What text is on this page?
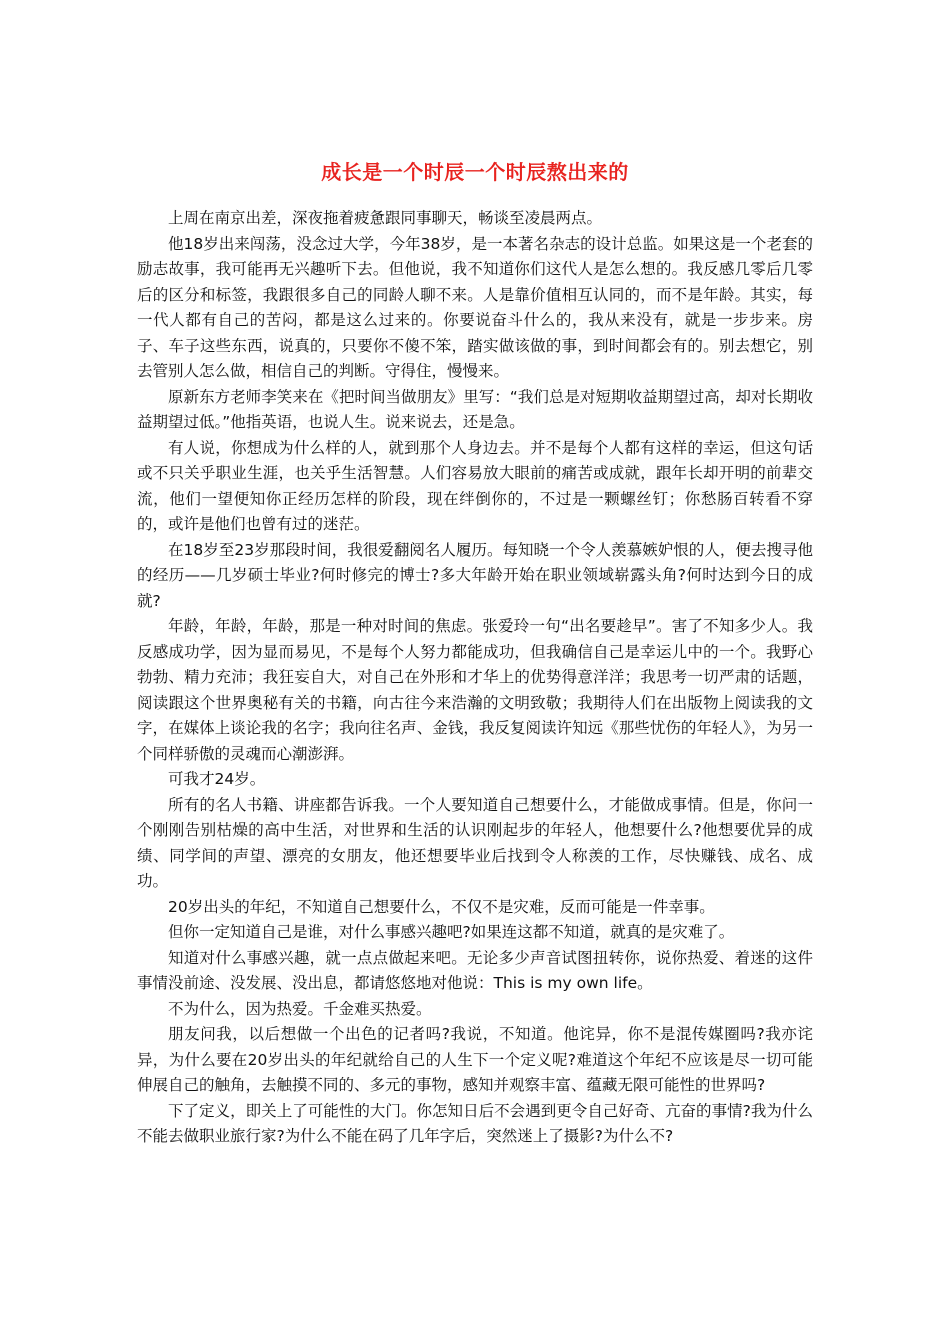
成长是一个时辰一个时辰熬出来的

上周在南京出差，深夜拖着疲惫跟同事聊天，畅谈至凌晨两点。

他18岁出来闯荡，没念过大学，今年38岁，是一本著名杂志的设计总监。如果这是一个老套的励志故事，我可能再无兴趣听下去。但他说，我不知道你们这代人是怎么想的。我反感几零后几零后的区分和标签，我跟很多自己的同龄人聊不来。人是靠价值相互认同的，而不是年龄。其实，每一代人都有自己的苦闷，都是这么过来的。你要说奋斗什么的，我从来没有，就是一步步来。房子、车子这些东西，说真的，只要你不傻不笨，踏实做该做的事，到时间都会有的。别去想它，别去管别人怎么做，相信自己的判断。守得住，慢慢来。

原新东方老师李笑来在《把时间当做朋友》里写：“我们总是对短期收益期望过高，却对长期收益期望过低。”他指英语，也说人生。说来说去，还是急。

有人说，你想成为什么样的人，就到那个人身边去。并不是每个人都有这样的幸运，但这句话或不只关乎职业生涯，也关乎生活智慧。人们容易放大眼前的痛苦或成就，跟年长却开明的前辈交流，他们一望便知你正经历怎样的阶段，现在绊倒你的，不过是一颗螺丝钉；你愁肠百转看不穿的，或许是他们也曾有过的迷茫。

在18岁至23岁那段时间，我很爱翻阅名人履历。每知晓一个令人羡慕嫉妒恨的人，便去搜寻他的经历——几岁硕士毕业?何时修完的博士?多大年龄开始在职业领域崭露头角?何时达到今日的成就?

年龄，年龄，年龄，那是一种对时间的焦虑。张爱玲一句“出名要趁早”。害了不知多少人。我反感成功学，因为显而易见，不是每个人努力都能成功，但我确信自己是幸运儿中的一个。我野心勃勃、精力充沛；我狂妄自大，对自己在外形和才华上的优势得意洋洋；我思考一切严肃的话题，阅读跟这个世界奥秘有关的书籍，向古往今来浩瀚的文明致敬；我期待人们在出版物上阅读我的文字，在媒体上谈论我的名字；我向往名声、金钱，我反复阅读许知远《那些忧伤的年轻人》，为另一个同样骄傲的灵魂而心潮澎湃。

可我才24岁。

所有的名人书籍、讲座都告诉我。一个人要知道自己想要什么，才能做成事情。但是，你问一个刚刚告别枯燥的高中生活，对世界和生活的认识刚起步的年轻人，他想要什么?他想要优异的成绩、同学间的声望、漂亮的女朋友，他还想要毕业后找到令人称羡的工作，尽快赚钱、成名、成功。

20岁出头的年纪，不知道自己想要什么，不仅不是灾难，反而可能是一件幸事。

但你一定知道自己是谁，对什么事感兴趣吧?如果连这都不知道，就真的是灾难了。

知道对什么事感兴趣，就一点点做起来吧。无论多少声音试图扭转你，说你热爱、着迷的这件事情没前途、没发展、没出息，都请悠悠地对他说：This is my own life。

不为什么，因为热爱。千金难买热爱。

朋友问我，以后想做一个出色的记者吗?我说，不知道。他诧异，你不是混传媒圈吗?我亦诧异，为什么要在20岁出头的年纪就给自己的人生下一个定义呢?难道这个年纪不应该是尽一切可能伸展自己的触角，去触摸不同的、多元的事物，感知并观察丰富、蕴藏无限可能性的世界吗?

下了定义，即关上了可能性的大门。你怎知日后不会遇到更令自己好奇、亢奋的事情?我为什么不能去做职业旅行家?为什么不能在码了几年字后，突然迷上了摄影?为什么不?
